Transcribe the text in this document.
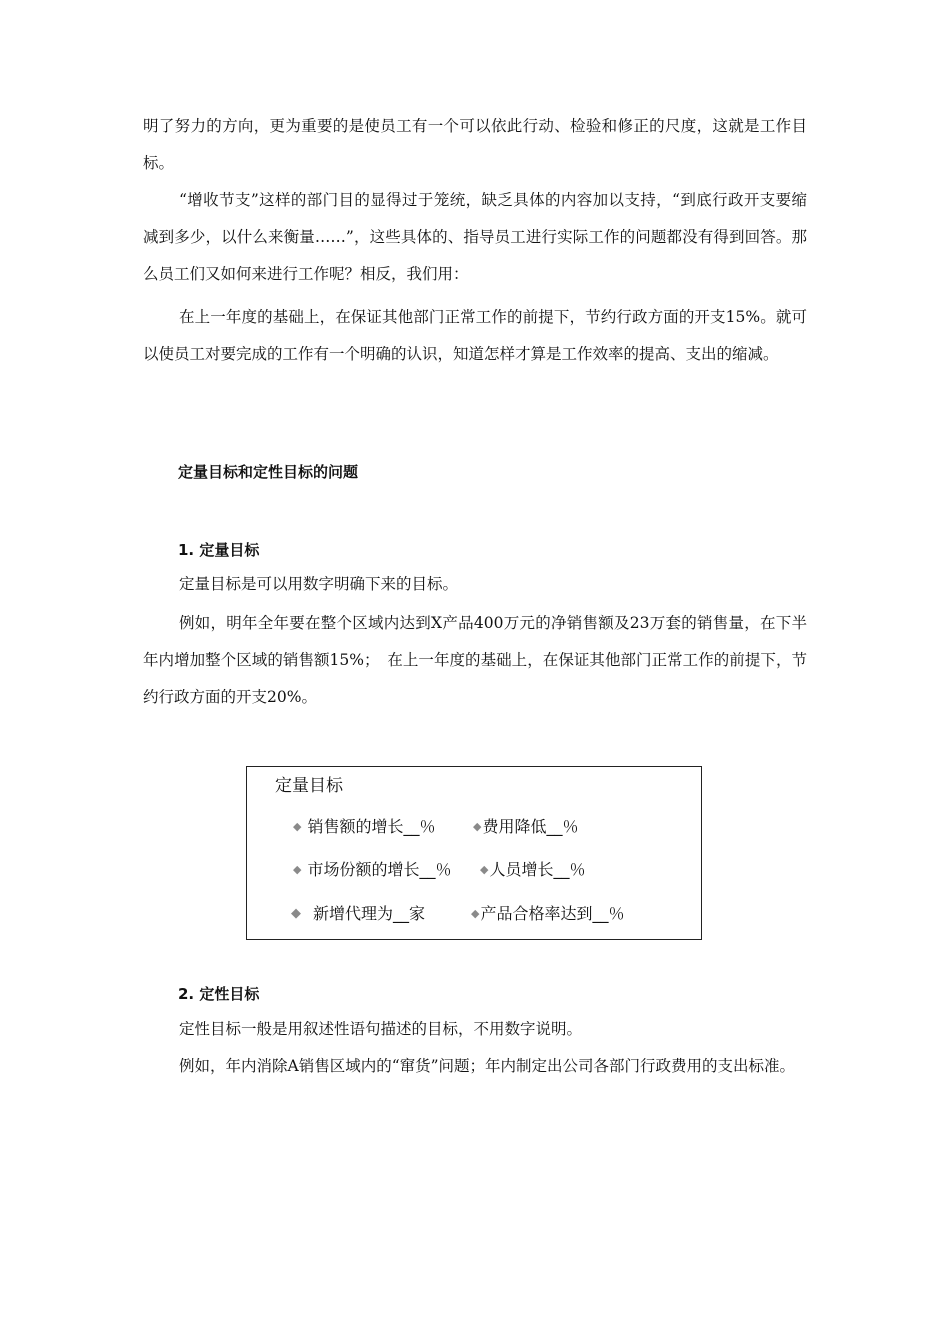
明了努力的方向，更为重要的是使员工有一个可以依此行动、检验和修正的尺度，这就是工作目标。

“增收节支”这样的部门目的显得过于笼统，缺乏具体的内容加以支持，“到底行政开支要缩减到多少，以什么来衡量……”，这些具体的、指导员工进行实际工作的问题都没有得到回答。那么员工们又如何来进行工作呢？相反，我们用：

在上一年度的基础上，在保证其他部门正常工作的前提下，节约行政方面的开支15%。就可以使员工对要完成的工作有一个明确的认识，知道怎样才算是工作效率的提高、支出的缩减。

定量目标和定性目标的问题

1. 定量目标

定量目标是可以用数字明确下来的目标。

例如，明年全年要在整个区域内达到X产品400万元的净销售额及23万套的销售量，在下半年内增加整个区域的销售额15%；　在上一年度的基础上，在保证其他部门正常工作的前提下，节约行政方面的开支20%。

定量目标
◆ 销售额的增长__％	◆费用降低__％
◆ 市场份额的增长__％	◆人员增长__％
◆ 新增代理为__家	◆产品合格率达到__％

2. 定性目标

定性目标一般是用叙述性语句描述的目标，不用数字说明。

例如，年内消除A销售区域内的“窜货”问题；年内制定出公司各部门行政费用的支出标准。
